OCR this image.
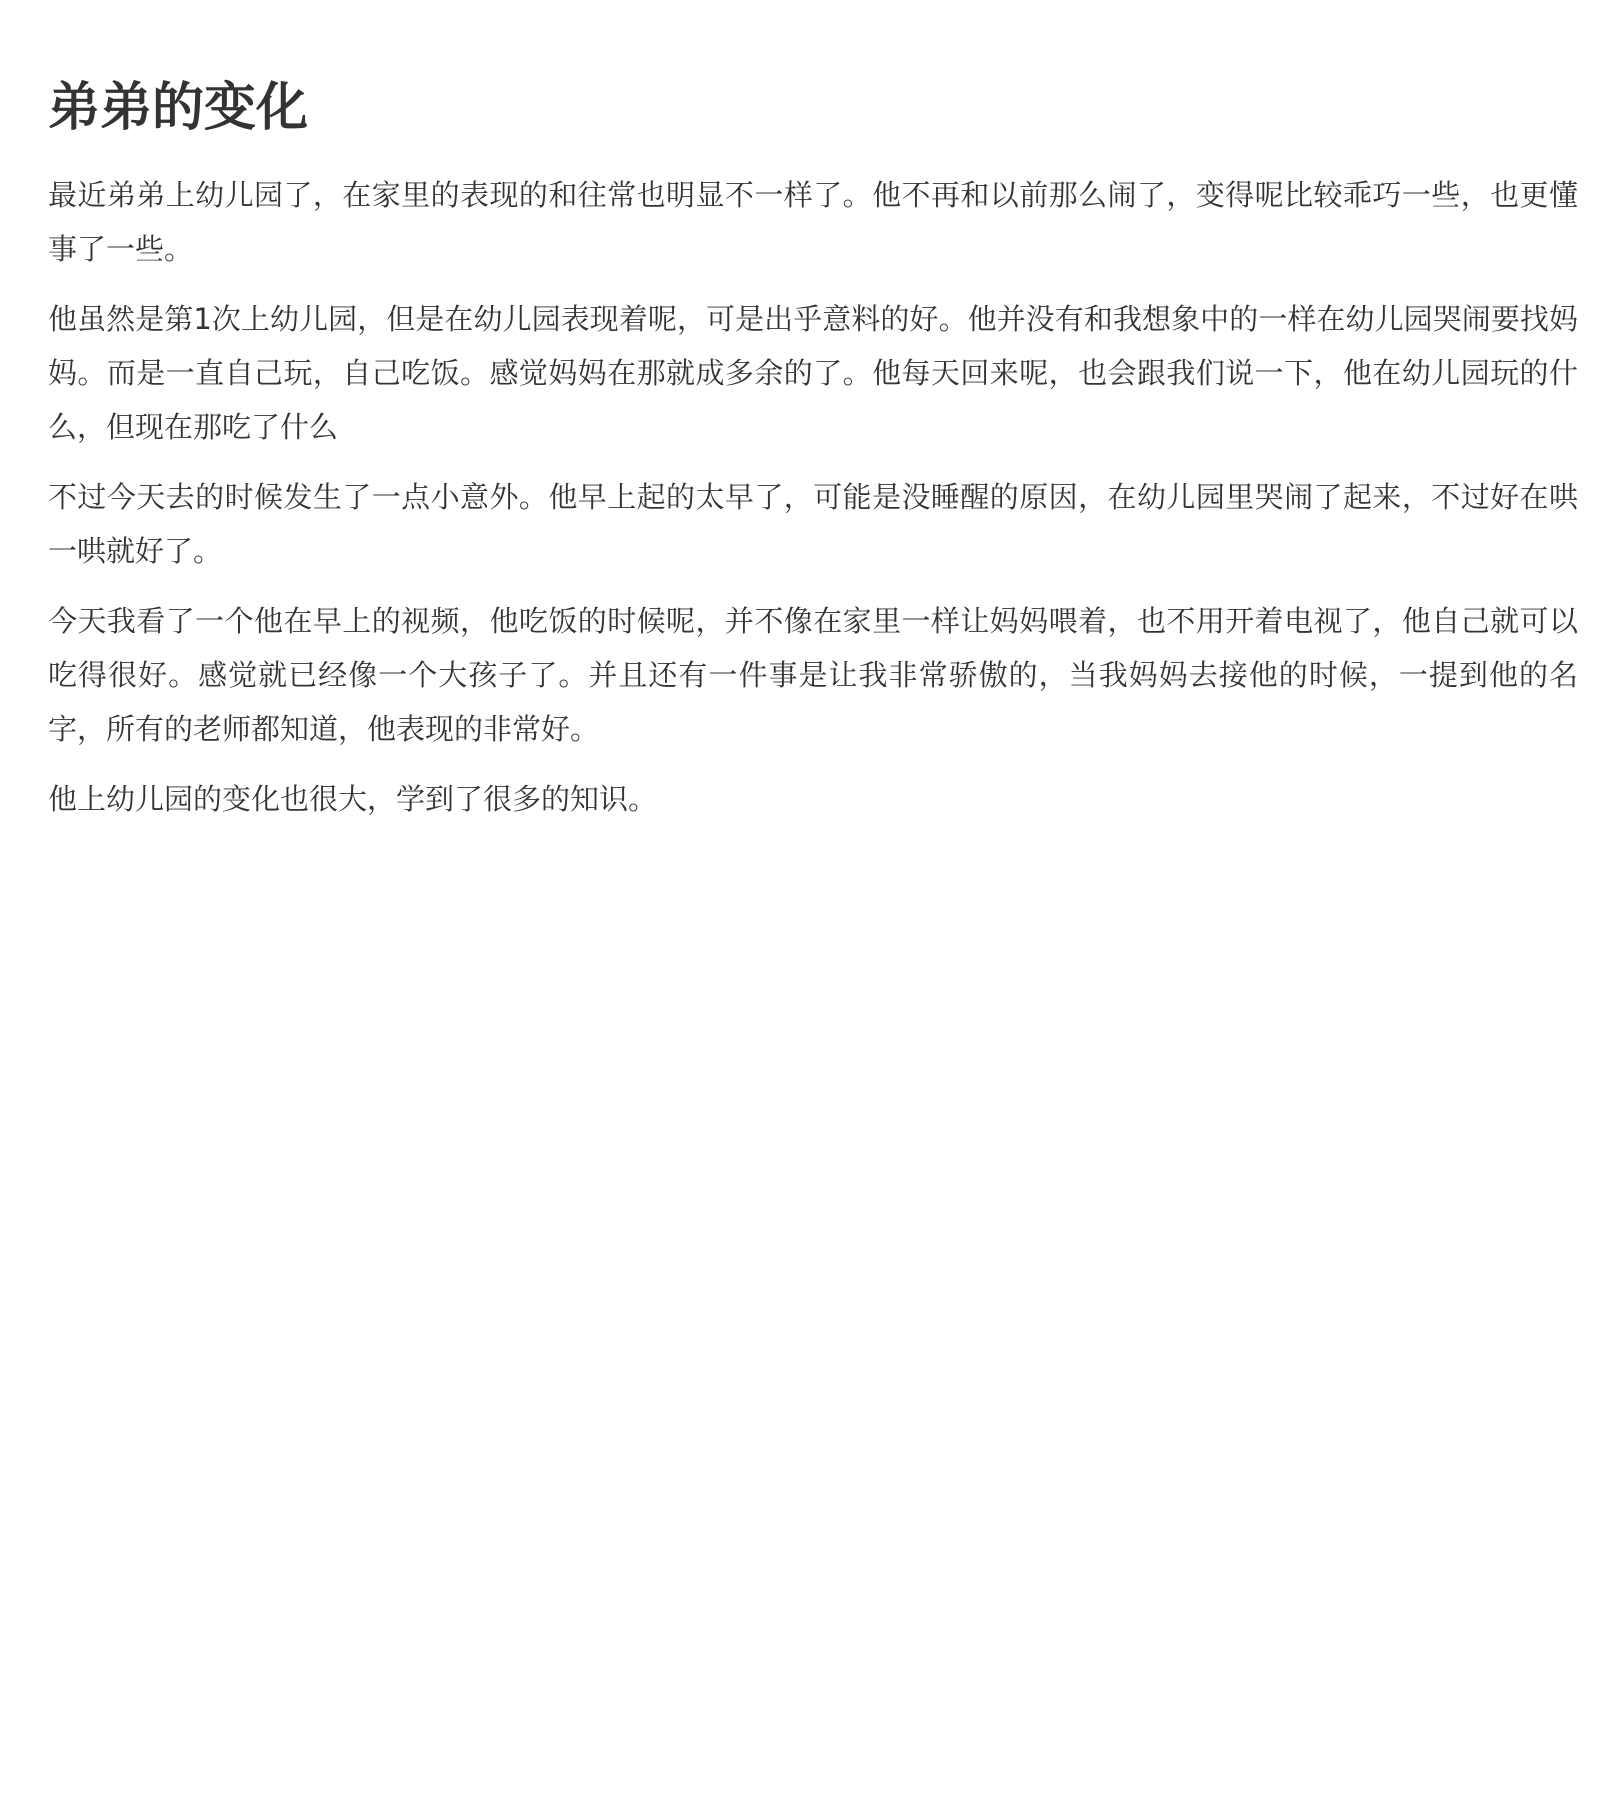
弟弟的变化

最近弟弟上幼儿园了，在家里的表现的和往常也明显不一样了。他不再和以前那么闹了，变得呢比较乖巧一些，也更懂事了一些。

他虽然是第1次上幼儿园，但是在幼儿园表现着呢，可是出乎意料的好。他并没有和我想象中的一样在幼儿园哭闹要找妈妈。而是一直自己玩，自己吃饭。感觉妈妈在那就成多余的了。他每天回来呢，也会跟我们说一下，他在幼儿园玩的什么，但现在那吃了什么

不过今天去的时候发生了一点小意外。他早上起的太早了，可能是没睡醒的原因，在幼儿园里哭闹了起来，不过好在哄一哄就好了。

今天我看了一个他在早上的视频，他吃饭的时候呢，并不像在家里一样让妈妈喂着，也不用开着电视了，他自己就可以吃得很好。感觉就已经像一个大孩子了。并且还有一件事是让我非常骄傲的，当我妈妈去接他的时候，一提到他的名字，所有的老师都知道，他表现的非常好。

他上幼儿园的变化也很大，学到了很多的知识。
